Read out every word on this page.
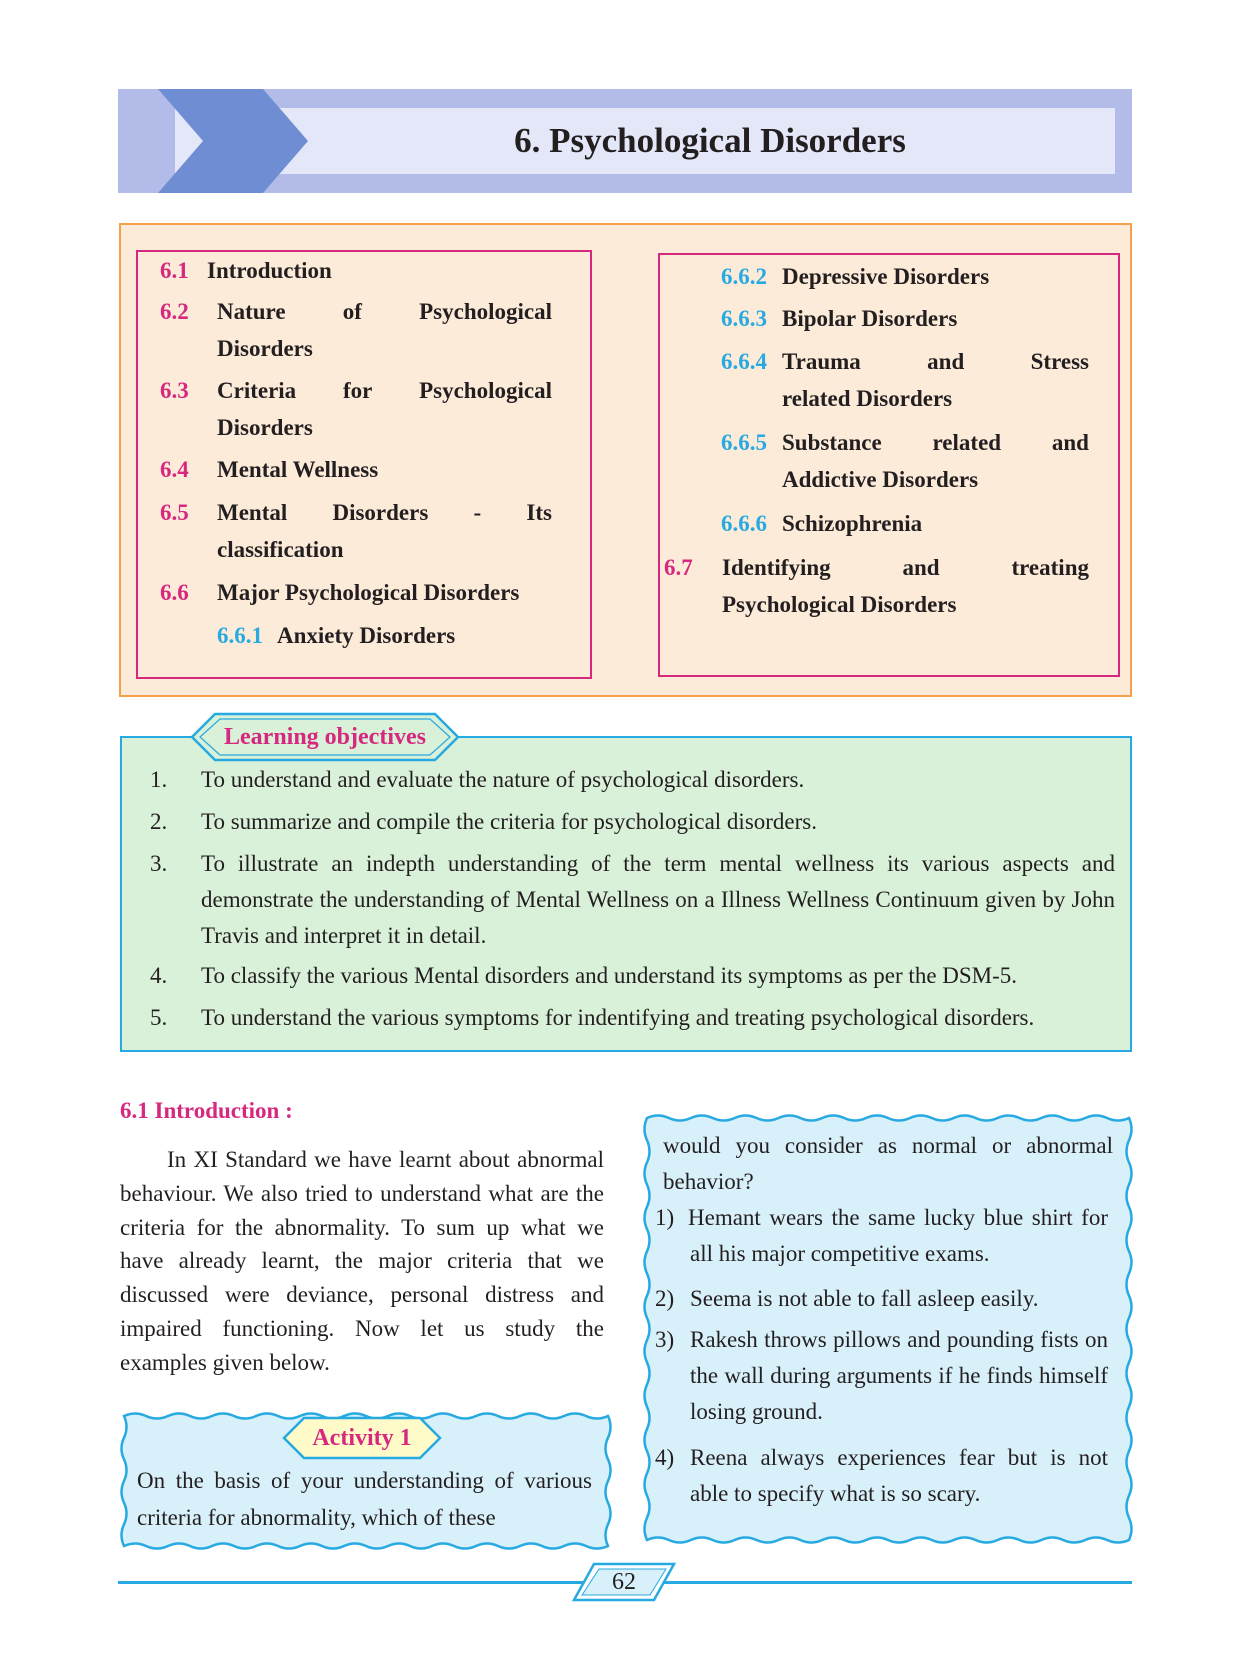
6. Psychological Disorders
6.1 Introduction
6.2 Nature of Psychological
Disorders
6.3 Criteria for Psychological
Disorders
6.4 Mental Wellness
6.5 Mental Disorders - Its
classification
6.6 Major Psychological Disorders
6.6.1 Anxiety Disorders
6.6.2 Depressive Disorders
6.6.3 Bipolar Disorders
6.6.4 Trauma	and	Stress
related Disorders
6.6.5 Substance related and
Addictive Disorders
6.6.6 Schizophrenia
6.7 Identifying	and	treating
Psychological Disorders
Learning objectives
1.	To understand and evaluate the nature of psychological disorders.
2.	To summarize and compile the criteria for psychological disorders.
3.	To illustrate an indepth understanding of the term mental wellness its various aspects and demonstrate the understanding of Mental Wellness on a Illness Wellness Continuum given by John Travis and interpret it in detail.
4.	To classify the various Mental disorders and understand its symptoms as per the DSM-5.
5.	To understand the various symptoms for indentifying and treating psychological disorders.
6.1 Introduction :

In XI Standard we have learnt about abnormal behaviour. We also tried to understand what are the criteria for the abnormality. To sum up what we have already learnt, the major criteria that we discussed were deviance, personal distress and impaired functioning. Now let us study the examples given below.

Activity 1

On the basis of your understanding of various criteria for abnormality, which of these

would you consider as normal or abnormal behavior?

1) Hemant wears the same lucky blue shirt for all his major competitive exams.
2) Seema is not able to fall asleep easily.
3) Rakesh throws pillows and pounding fists on the wall during arguments if he finds himself losing ground.
4) Reena always experiences fear but is not able to specify what is so scary.
62
